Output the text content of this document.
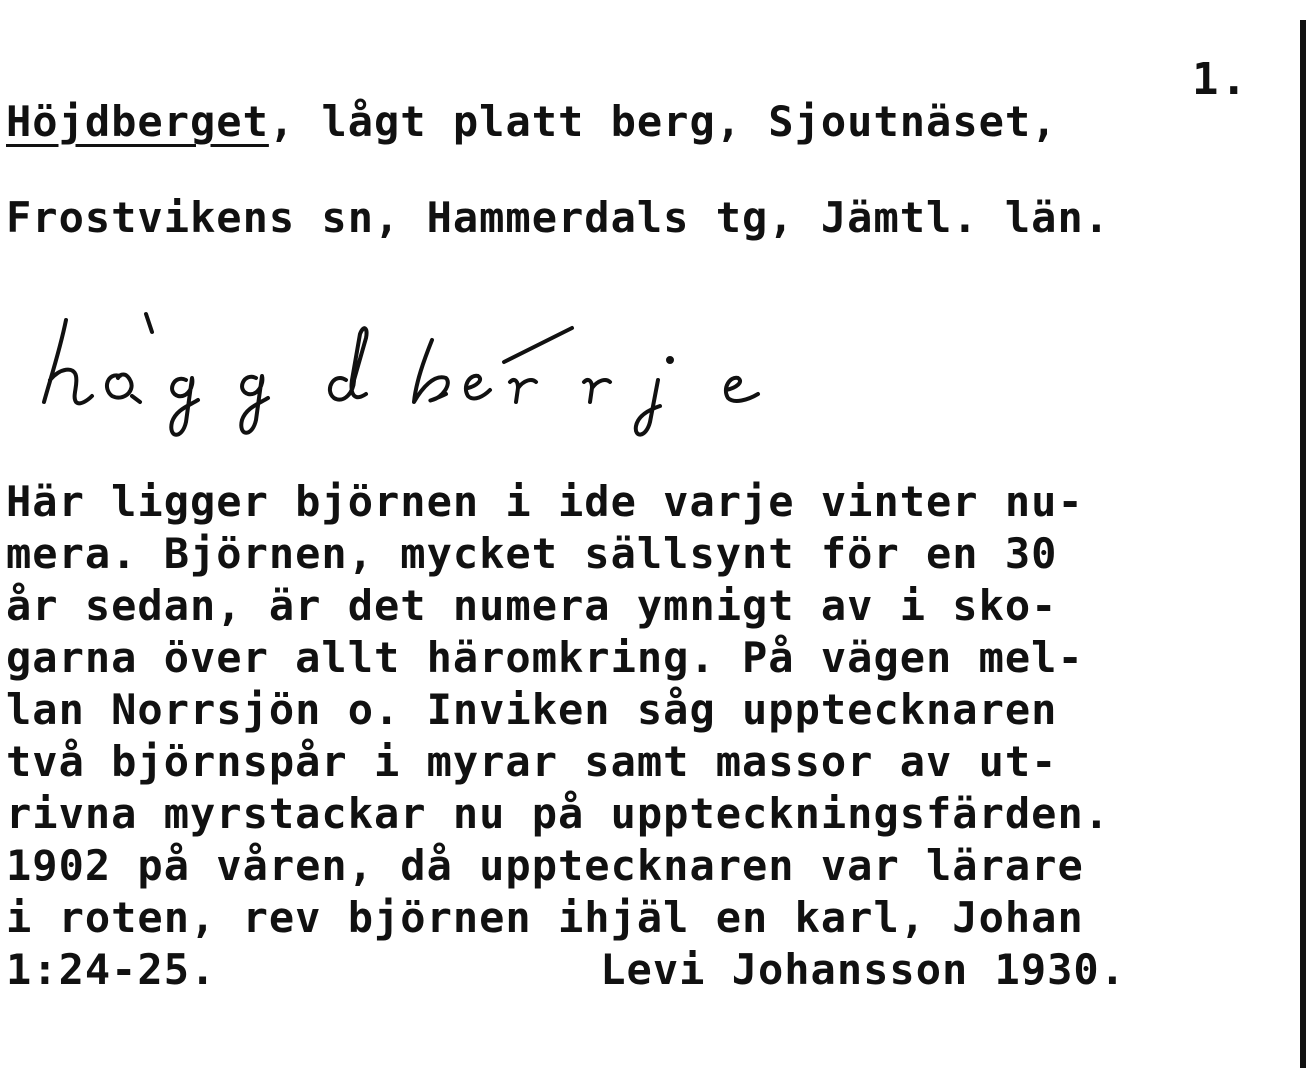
1.
Höjdberget, lågt platt berg, Sjoutnäset,
Frostvikens sn, Hammerdals tg, Jämtl. län.
Här ligger björnen i ide varje vinter nu-
mera. Björnen, mycket sällsynt för en 30
år sedan, är det numera ymnigt av i sko-
garna över allt häromkring. På vägen mel-
lan Norrsjön o. Inviken såg upptecknaren
två björnspår i myrar samt massor av ut-
rivna myrstackar nu på uppteckningsfärden.
1902 på våren, då upptecknaren var lärare
i roten, rev björnen ihjäl en karl, Johan
1:24-25.	Levi Johansson 1930.
